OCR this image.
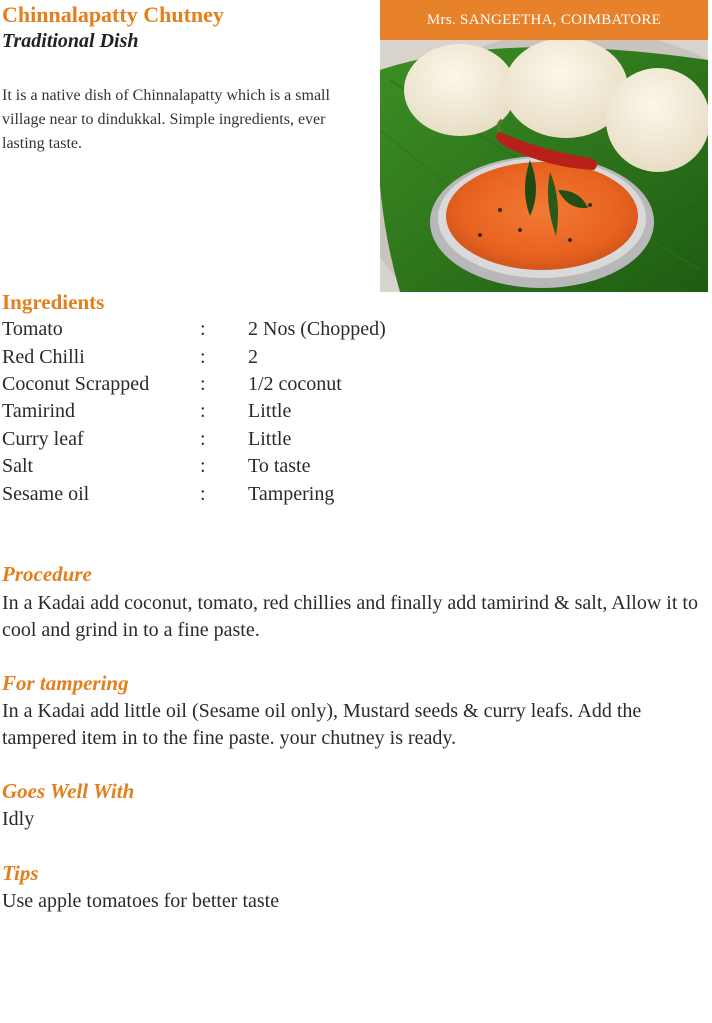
Chinnalapatty Chutney
Traditional Dish

It is a native dish of Chinnalapatty which is a small village near to dindukkal. Simple ingredients, ever lasting taste.

Mrs. SANGEETHA, COIMBATORE
Ingredients
Tomato	:	2 Nos (Chopped)
Red Chilli	:	2
Coconut Scrapped	:	1/2 coconut
Tamirind	:	Little
Curry leaf	:	Little
Salt	:	To taste
Sesame oil	:	Tampering
Procedure

In a Kadai add coconut, tomato, red chillies and finally add tamirind & salt, Allow it to cool and grind in to a fine paste.

For tampering

In a Kadai add little oil (Sesame oil only), Mustard seeds & curry leafs. Add the tampered item in to the fine paste. your chutney is ready.

Goes Well With

Idly

Tips

Use apple tomatoes for better taste
